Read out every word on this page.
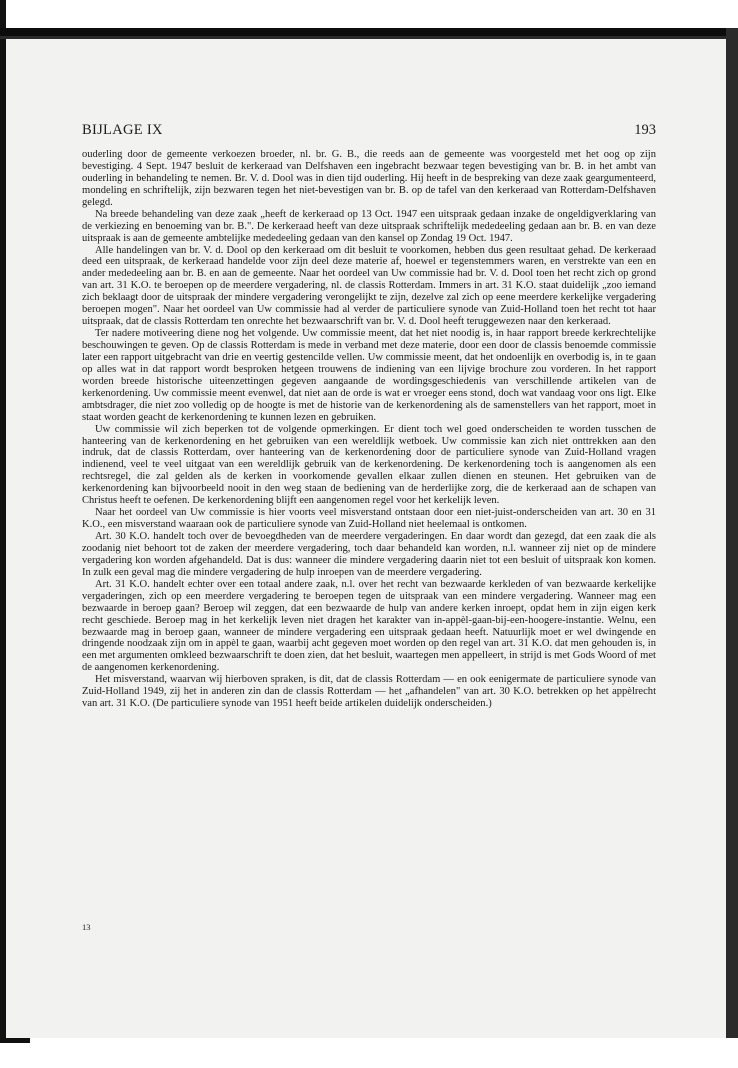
BIJLAGE IX	193

ouderling door de gemeente verkoezen broeder, nl. br. G. B., die reeds aan de gemeente was voorgesteld met het oog op zijn bevestiging. 4 Sept. 1947 besluit de kerkeraad van Delfshaven een ingebracht bezwaar tegen bevestiging van br. B. in het ambt van ouderling in behandeling te nemen. Br. V. d. Dool was in dien tijd ouderling. Hij heeft in de bespreking van deze zaak geargumenteerd, mondeling en schriftelijk, zijn bezwaren tegen het niet-bevestigen van br. B. op de tafel van den kerkeraad van Rotterdam-Delfshaven gelegd.

Na breede behandeling van deze zaak „heeft de kerkeraad op 13 Oct. 1947 een uitspraak gedaan inzake de ongeldigverklaring van de verkiezing en benoeming van br. B.". De kerkeraad heeft van deze uitspraak schriftelijk mededeeling gedaan aan br. B. en van deze uitspraak is aan de gemeente ambtelijke mededeeling gedaan van den kansel op Zondag 19 Oct. 1947.

Alle handelingen van br. V. d. Dool op den kerkeraad om dit besluit te voorkomen, hebben dus geen resultaat gehad. De kerkeraad deed een uitspraak, de kerkeraad handelde voor zijn deel deze materie af, hoewel er tegenstemmers waren, en verstrekte van een en ander mededeeling aan br. B. en aan de gemeente. Naar het oordeel van Uw commissie had br. V. d. Dool toen het recht zich op grond van art. 31 K.O. te beroepen op de meerdere vergadering, nl. de classis Rotterdam. Immers in art. 31 K.O. staat duidelijk „zoo iemand zich beklaagt door de uitspraak der mindere vergadering verongelijkt te zijn, dezelve zal zich op eene meerdere kerkelijke vergadering beroepen mogen". Naar het oordeel van Uw commissie had al verder de particuliere synode van Zuid-Holland toen het recht tot haar uitspraak, dat de classis Rotterdam ten onrechte het bezwaarschrift van br. V. d. Dool heeft teruggewezen naar den kerkeraad.

Ter nadere motiveering diene nog het volgende. Uw commissie meent, dat het niet noodig is, in haar rapport breede kerkrechtelijke beschouwingen te geven. Op de classis Rotterdam is mede in verband met deze materie, door een door de classis benoemde commissie later een rapport uitgebracht van drie en veertig gestencilde vellen. Uw commissie meent, dat het ondoenlijk en overbodig is, in te gaan op alles wat in dat rapport wordt besproken hetgeen trouwens de indiening van een lijvige brochure zou vorderen. In het rapport worden breede historische uiteenzettingen gegeven aangaande de wordingsgeschiedenis van verschillende artikelen van de kerkenordening. Uw commissie meent evenwel, dat niet aan de orde is wat er vroeger eens stond, doch wat vandaag voor ons ligt. Elke ambtsdrager, die niet zoo volledig op de hoogte is met de historie van de kerkenordening als de samenstellers van het rapport, moet in staat worden geacht de kerkenordening te kunnen lezen en gebruiken.

Uw commissie wil zich beperken tot de volgende opmerkingen. Er dient toch wel goed onderscheiden te worden tusschen de hanteering van de kerkenordening en het gebruiken van een wereldlijk wetboek. Uw commissie kan zich niet onttrekken aan den indruk, dat de classis Rotterdam, over hanteering van de kerkenordening door de particuliere synode van Zuid-Holland vragen indienend, veel te veel uitgaat van een wereldlijk gebruik van de kerkenordening. De kerkenordening toch is aangenomen als een rechtsregel, die zal gelden als de kerken in voorkomende gevallen elkaar zullen dienen en steunen. Het gebruiken van de kerkenordening kan bijvoorbeeld nooit in den weg staan de bediening van de herderlijke zorg, die de kerkeraad aan de schapen van Christus heeft te oefenen. De kerkenordening blijft een aangenomen regel voor het kerkelijk leven.

Naar het oordeel van Uw commissie is hier voorts veel misverstand ontstaan door een niet-juist-onderscheiden van art. 30 en 31 K.O., een misverstand waaraan ook de particuliere synode van Zuid-Holland niet heelemaal is ontkomen.

Art. 30 K.O. handelt toch over de bevoegdheden van de meerdere vergaderingen. En daar wordt dan gezegd, dat een zaak die als zoodanig niet behoort tot de zaken der meerdere vergadering, toch daar behandeld kan worden, n.l. wanneer zij niet op de mindere vergadering kon worden afgehandeld. Dat is dus: wanneer die mindere vergadering daarin niet tot een besluit of uitspraak kon komen. In zulk een geval mag die mindere vergadering de hulp inroepen van de meerdere vergadering.

Art. 31 K.O. handelt echter over een totaal andere zaak, n.l. over het recht van bezwaarde kerkleden of van bezwaarde kerkelijke vergaderingen, zich op een meerdere vergadering te beroepen tegen de uitspraak van een mindere vergadering. Wanneer mag een bezwaarde in beroep gaan? Beroep wil zeggen, dat een bezwaarde de hulp van andere kerken inroept, opdat hem in zijn eigen kerk recht geschiede. Beroep mag in het kerkelijk leven niet dragen het karakter van in-appèl-gaan-bij-een-hoogere-instantie. Welnu, een bezwaarde mag in beroep gaan, wanneer de mindere vergadering een uitspraak gedaan heeft. Natuurlijk moet er wel dwingende en dringende noodzaak zijn om in appèl te gaan, waarbij acht gegeven moet worden op den regel van art. 31 K.O. dat men gehouden is, in een met argumenten omkleed bezwaarschrift te doen zien, dat het besluit, waartegen men appelleert, in strijd is met Gods Woord of met de aangenomen kerkenordening.

Het misverstand, waarvan wij hierboven spraken, is dit, dat de classis Rotterdam — en ook eenigermate de particuliere synode van Zuid-Holland 1949, zij het in anderen zin dan de classis Rotterdam — het „afhandelen" van art. 30 K.O. betrekken op het appèlrecht van art. 31 K.O. (De particuliere synode van 1951 heeft beide artikelen duidelijk onderscheiden.)

13
